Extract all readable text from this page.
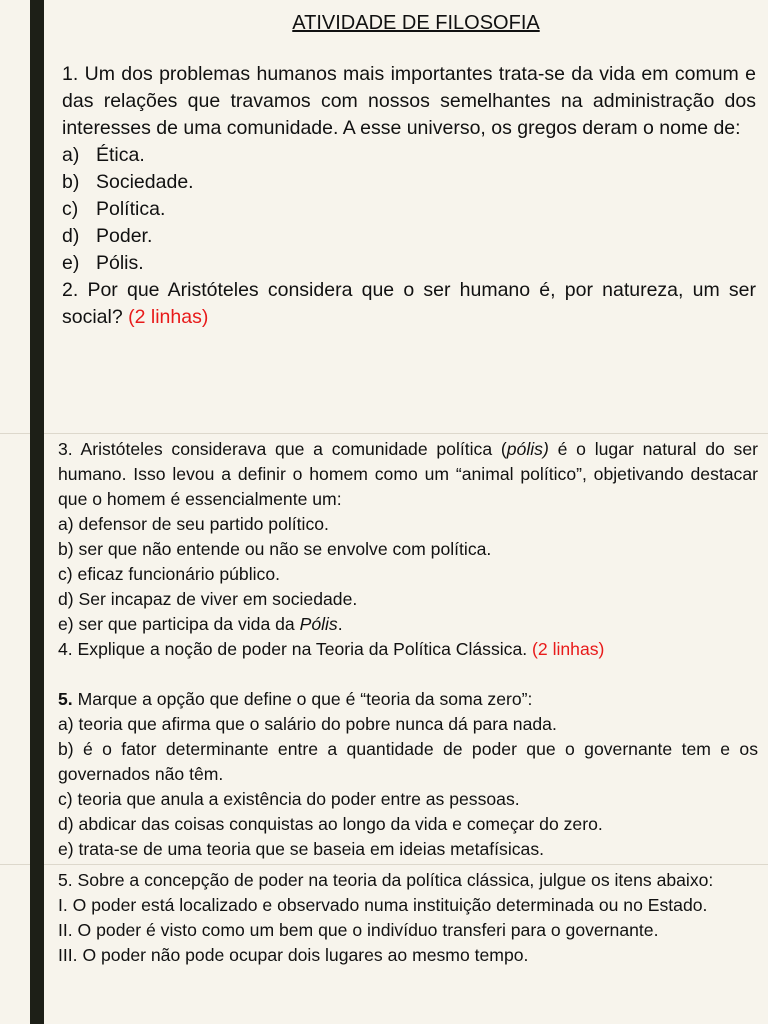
ATIVIDADE DE FILOSOFIA
1. Um dos problemas humanos mais importantes trata-se da vida em comum e das relações que travamos com nossos semelhantes na administração dos interesses de uma comunidade. A esse universo, os gregos deram o nome de:
a) Ética.
b) Sociedade.
c) Política.
d) Poder.
e) Pólis.
2. Por que Aristóteles considera que o ser humano é, por natureza, um ser social? (2 linhas)
3. Aristóteles considerava que a comunidade política (pólis) é o lugar natural do ser humano. Isso levou a definir o homem como um “animal político”, objetivando destacar que o homem é essencialmente um:
a) defensor de seu partido político.
b) ser que não entende ou não se envolve com política.
c) eficaz funcionário público.
d) Ser incapaz de viver em sociedade.
e) ser que participa da vida da Pólis.
4. Explique a noção de poder na Teoria da Política Clássica. (2 linhas)
5. Marque a opção que define o que é “teoria da soma zero”:
a) teoria que afirma que o salário do pobre nunca dá para nada.
b) é o fator determinante entre a quantidade de poder que o governante tem e os governados não têm.
c) teoria que anula a existência do poder entre as pessoas.
d) abdicar das coisas conquistas ao longo da vida e começar do zero.
e) trata-se de uma teoria que se baseia em ideias metafísicas.
5. Sobre a concepção de poder na teoria da política clássica, julgue os itens abaixo:
I. O poder está localizado e observado numa instituição determinada ou no Estado.
II. O poder é visto como um bem que o indivíduo transferi para o governante.
III. O poder não pode ocupar dois lugares ao mesmo tempo.
